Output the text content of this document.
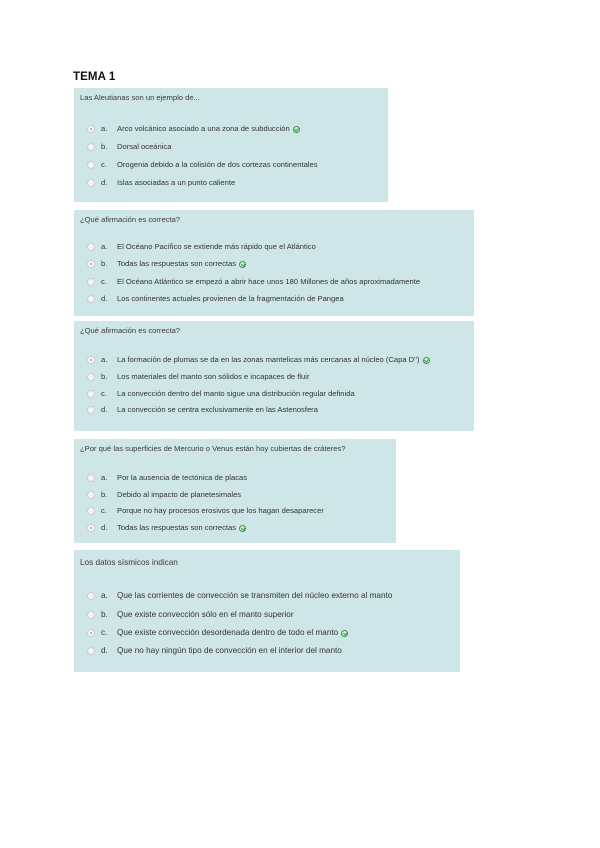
TEMA 1
Las Aleutianas son un ejemplo de...
a.	Arco volcánico asociado a una zona de subducción
b.	Dorsal oceánica
c.	Orogenia debido a la colisión de dos cortezas continentales
d.	Islas asociadas a un punto caliente
¿Qué afirmación es correcta?
a.	El Océano Pacífico se extiende más rápido que el Atlántico
b.	Todas las respuestas son correctas
c.	El Océano Atlántico se empezó a abrir hace unos 180 Millones de años aproximadamente
d.	Los continentes actuales provienen de la fragmentación de Pangea
¿Qué afirmación es correcta?
a.	La formación de plumas se da en las zonas mantelicas más cercanas al núcleo (Capa D'')
b.	Los materiales del manto son sólidos e incapaces de fluir
c.	La convección dentro del manto sigue una distribución regular definida
d.	La convección se centra exclusivamente en las Astenosfera
¿Por qué las superficies de Mercurio o Venus están hoy cubiertas de cráteres?
a.	Por la ausencia de tectónica de placas
b.	Debido al impacto de planetesimales
c.	Porque no hay procesos erosivos que los hagan desaparecer
d.	Todas las respuestas son correctas
Los datos sísmicos indican
a.	Que las corrientes de convección se transmiten del núcleo externo al manto
b.	Que existe convección sólo en el manto superior
c.	Que existe convección desordenada dentro de todo el manto
d.	Que no hay ningún tipo de convección en el interior del manto
